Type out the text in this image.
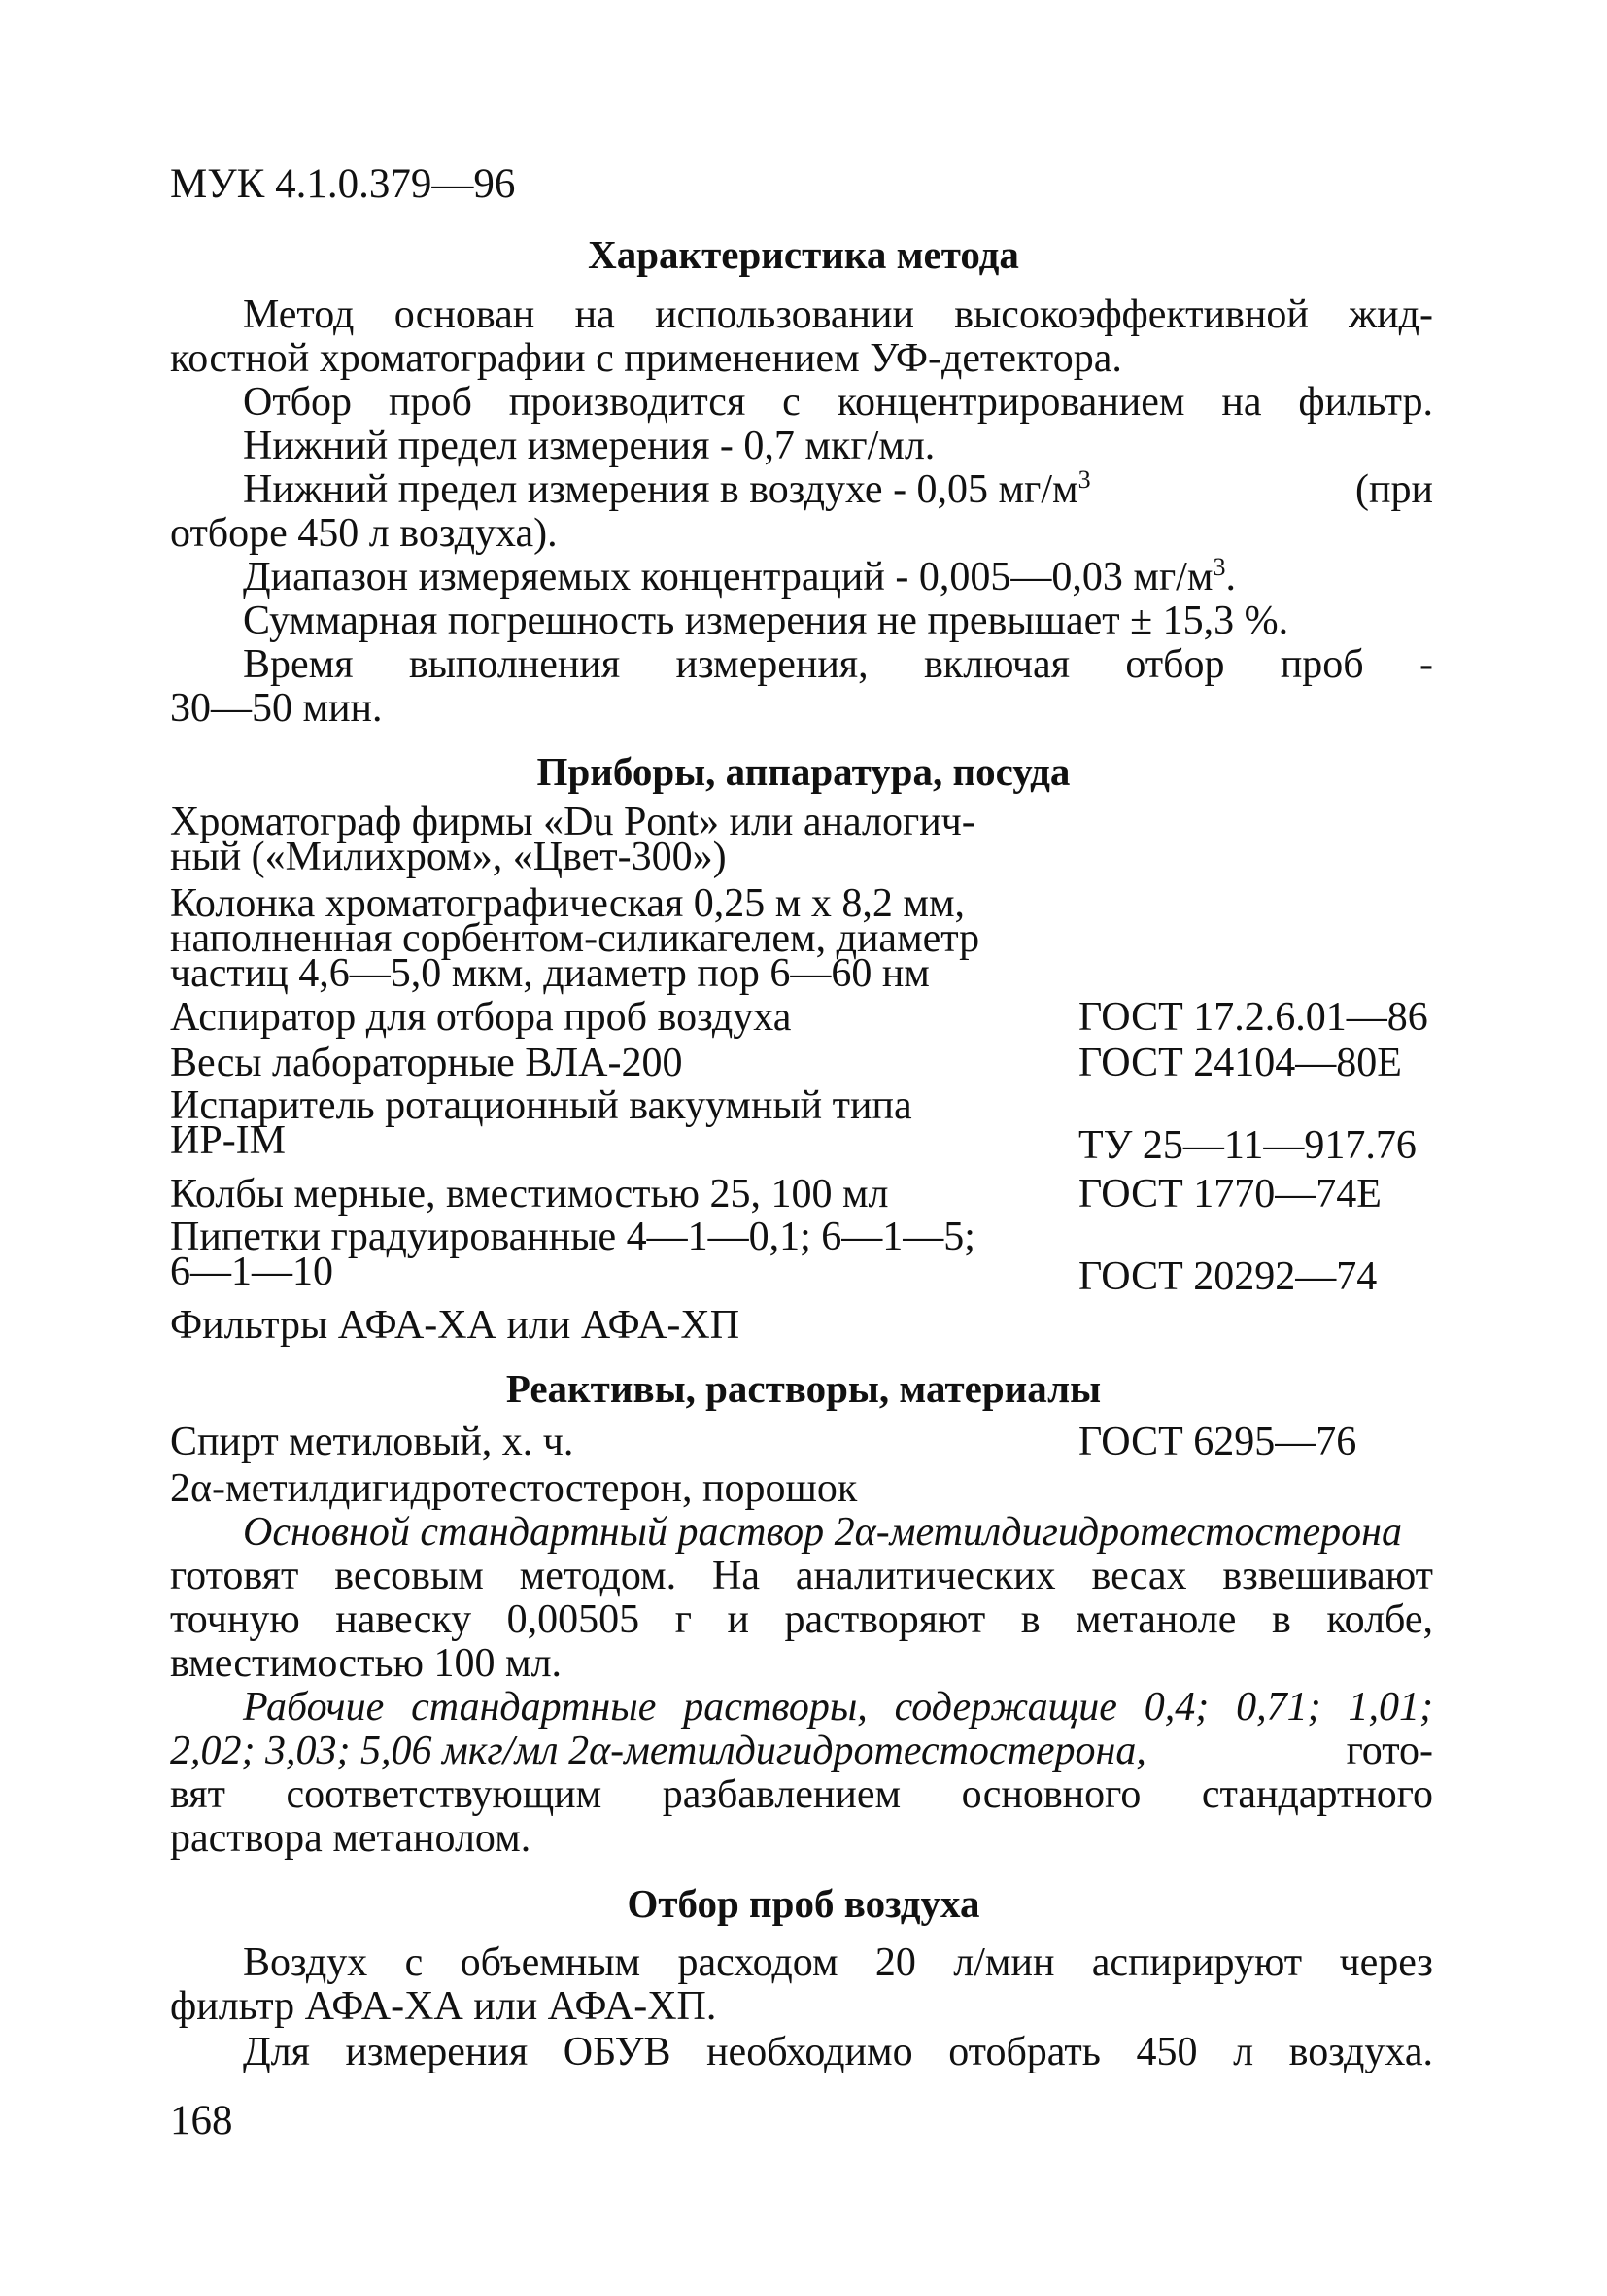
МУК 4.1.0.379—96
Характеристика метода
Метод основан на использовании высокоэффективной жид-
костной хроматографии с применением УФ-детектора.
Отбор проб производится с концентрированием на фильтр.
Нижний предел измерения - 0,7 мкг/мл.
Нижний предел измерения в воздухе - 0,05 $мг/м^3$	(при
отборе 450 л воздуха).
Диапазон измеряемых концентраций - 0,005—0,03 $мг/м^3$.
Суммарная погрешность измерения не превышает ± 15,3 %.
Время выполнения измерения, включая отбор проб -
30—50 мин.
Приборы, аппаратура, посуда
Хроматограф фирмы «Du Pont» или аналогич-
ный («Милихром», «Цвет-300»)
Колонка хроматографическая 0,25 м х 8,2 мм,
наполненная сорбентом-силикагелем, диаметр
частиц 4,6—5,0 мкм, диаметр пор 6—60 нм
Аспиратор для отбора проб воздуха	ГОСТ 17.2.6.01—86
Весы лабораторные ВЛА-200	ГОСТ 24104—80Е
Испаритель ротационный вакуумный типа
ИР-IМ	ТУ 25—11—917.76
Колбы мерные, вместимостью 25, 100 мл	ГОСТ 1770—74Е
Пипетки градуированные 4—1—0,1; 6—1—5;
6—1—10	ГОСТ 20292—74
Фильтры АФА-ХА или АФА-ХП
Реактивы, растворы, материалы
Спирт метиловый, х. ч.	ГОСТ 6295—76
2α-метилдигидротестостерон, порошок
Основной стандартный раствор 2α-метилдигидротестостерона
готовят весовым методом. На аналитических весах взвешивают
точную навеску 0,00505 г и растворяют в метаноле в колбе,
вместимостью 100 мл.
Рабочие стандартные растворы, содержащие 0,4; 0,71; 1,01;
2,02; 3,03; 5,06 мкг/мл 2α-метилдигидротестостерона,	гото-
вят соответствующим разбавлением основного стандартного
раствора метанолом.
Отбор проб воздуха
Воздух с объемным расходом 20 л/мин аспирируют через
фильтр АФА-ХА или АФА-ХП.
Для измерения ОБУВ необходимо отобрать 450 л воздуха.
168
